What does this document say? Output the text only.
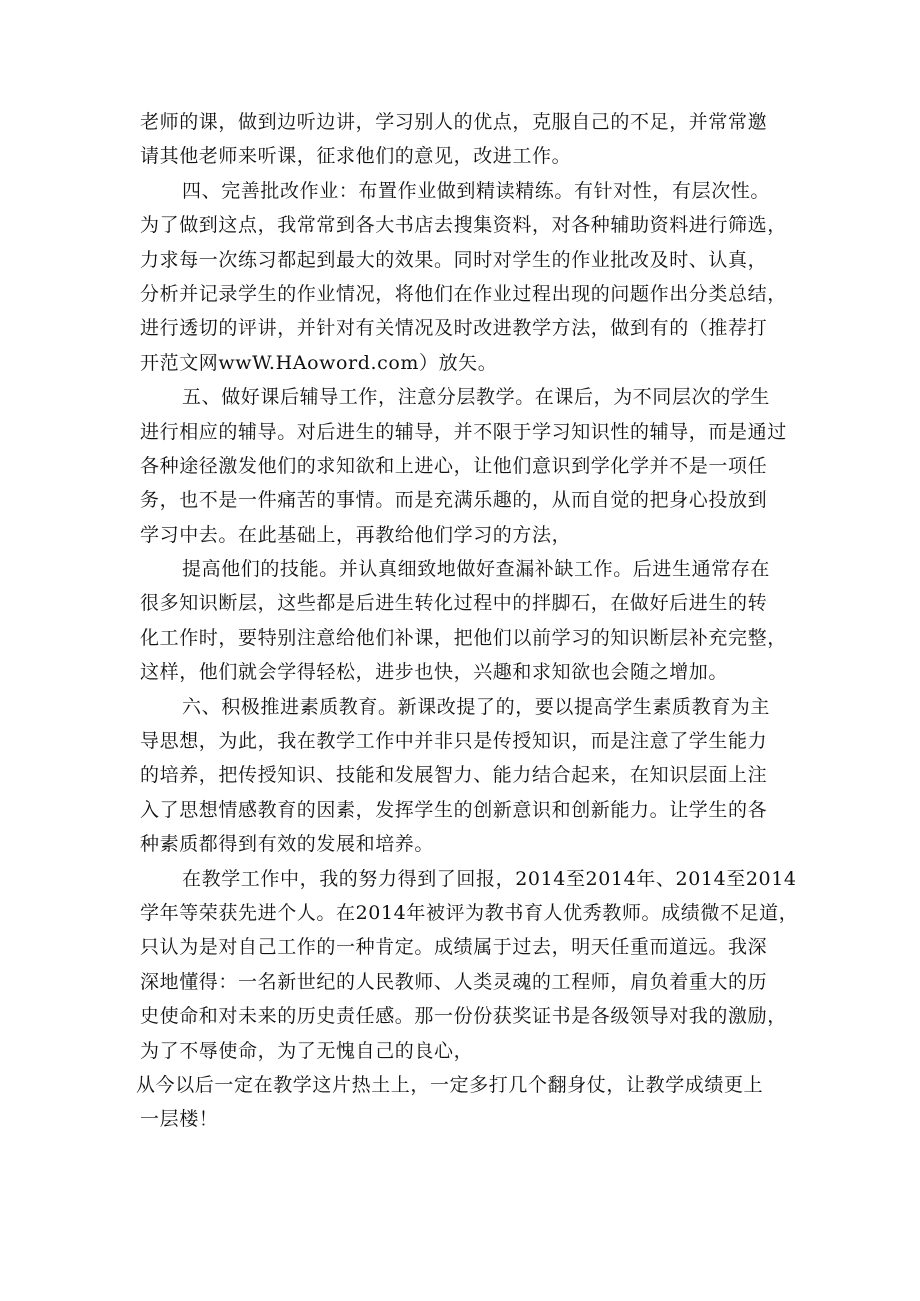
老师的课，做到边听边讲，学习别人的优点，克服自己的不足，并常常邀
请其他老师来听课，征求他们的意见，改进工作。
四、完善批改作业：布置作业做到精读精练。有针对性，有层次性。
为了做到这点，我常常到各大书店去搜集资料，对各种辅助资料进行筛选，
力求每一次练习都起到最大的效果。同时对学生的作业批改及时、认真，
分析并记录学生的作业情况，将他们在作业过程出现的问题作出分类总结，
进行透切的评讲，并针对有关情况及时改进教学方法，做到有的（推荐打
开范文网wwW.HAoword.com）放矢。
五、做好课后辅导工作，注意分层教学。在课后，为不同层次的学生
进行相应的辅导。对后进生的辅导，并不限于学习知识性的辅导，而是通过
各种途径激发他们的求知欲和上进心，让他们意识到学化学并不是一项任
务，也不是一件痛苦的事情。而是充满乐趣的，从而自觉的把身心投放到
学习中去。在此基础上，再教给他们学习的方法，
提高他们的技能。并认真细致地做好查漏补缺工作。后进生通常存在
很多知识断层，这些都是后进生转化过程中的拌脚石，在做好后进生的转
化工作时，要特别注意给他们补课，把他们以前学习的知识断层补充完整，
这样，他们就会学得轻松，进步也快，兴趣和求知欲也会随之增加。
六、积极推进素质教育。新课改提了的，要以提高学生素质教育为主
导思想，为此，我在教学工作中并非只是传授知识，而是注意了学生能力
的培养，把传授知识、技能和发展智力、能力结合起来，在知识层面上注
入了思想情感教育的因素，发挥学生的创新意识和创新能力。让学生的各
种素质都得到有效的发展和培养。
在教学工作中，我的努力得到了回报，2014至2014年、2014至2014
学年等荣获先进个人。在2014年被评为教书育人优秀教师。成绩微不足道，
只认为是对自己工作的一种肯定。成绩属于过去，明天任重而道远。我深
深地懂得：一名新世纪的人民教师、人类灵魂的工程师，肩负着重大的历
史使命和对未来的历史责任感。那一份份获奖证书是各级领导对我的激励，
为了不辱使命，为了无愧自己的良心，
从今以后一定在教学这片热土上，一定多打几个翻身仗，让教学成绩更上
一层楼！
